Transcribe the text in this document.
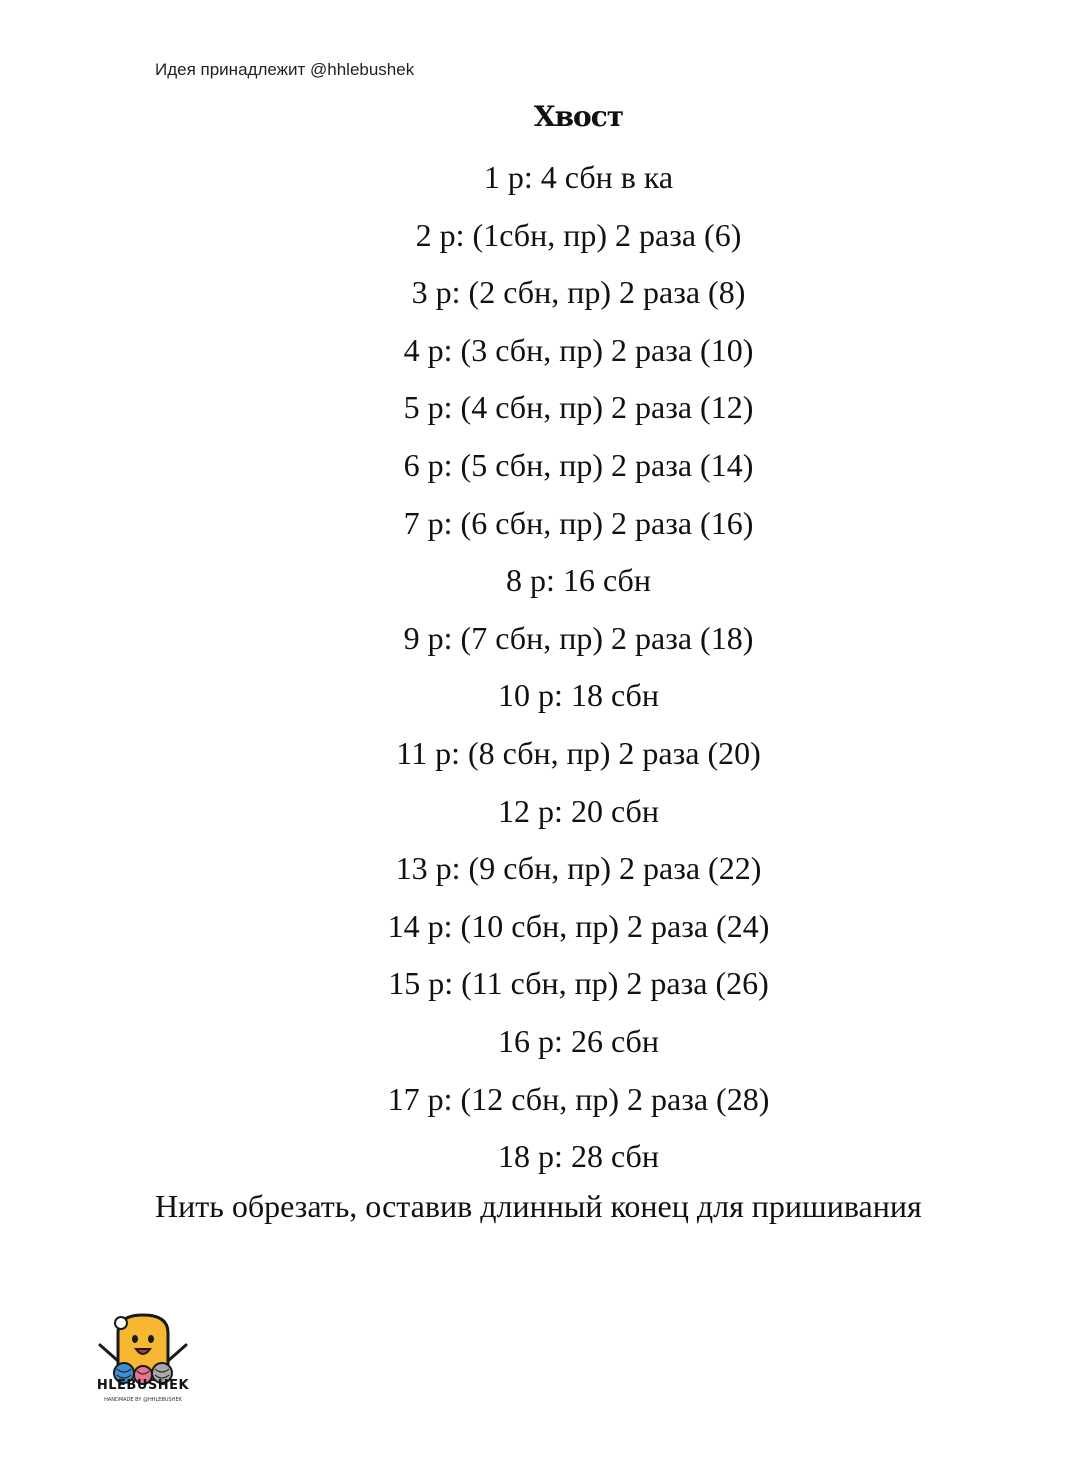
Идея принадлежит @hhlebushek
Хвост
1 р: 4 сбн в ка
2 р: (1сбн, пр) 2 раза (6)
3 р: (2 сбн, пр) 2 раза (8)
4 р: (3 сбн, пр) 2 раза (10)
5 р: (4 сбн, пр) 2 раза (12)
6 р: (5 сбн, пр) 2 раза (14)
7 р: (6 сбн, пр) 2 раза (16)
8 р: 16 сбн
9 р: (7 сбн, пр) 2 раза (18)
10 р: 18 сбн
11 р: (8 сбн, пр) 2 раза (20)
12 р: 20 сбн
13 р: (9 сбн, пр) 2 раза (22)
14 р: (10 сбн, пр) 2 раза (24)
15 р: (11 сбн, пр) 2 раза (26)
16 р: 26 сбн
17 р: (12 сбн, пр) 2 раза (28)
18 р: 28 сбн
Нить обрезать, оставив длинный конец для пришивания
HLEBUSHEK
HANDMADE BY @HHLEBUSHEK
